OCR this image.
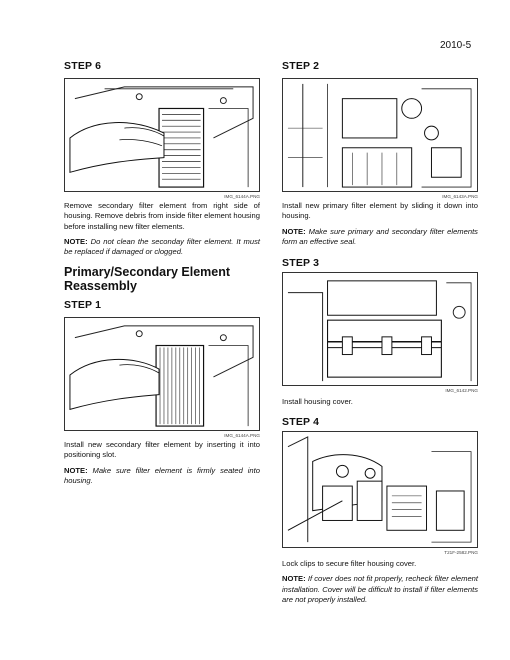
2010-5
STEP 6
IMG_6144A.PNG

Remove secondary filter element from right side of housing. Remove debris from inside filter element housing before installing new filter elements.

NOTE: Do not clean the seconday filter element. It must be replaced if damaged or clogged.

Primary/Secondary Element
Reassembly
STEP 1
IMG_6144A.PNG

Install new secondary filter element by inserting it into positioning slot.

NOTE: Make sure filter element is firmly seated into housing.

STEP 2
IMG_6143A.PNG

Install new primary filter element by sliding it down into housing.

NOTE: Make sure primary and secondary filter elements form an effective seal.

STEP 3
IMG_6142.PNG

Install housing cover.

STEP 4
T21F-2582.PNG

Lock clips to secure filter housing cover.

NOTE: If cover does not fit properly, recheck filter element installation. Cover will be difficult to install if filter elements are not properly installed.
